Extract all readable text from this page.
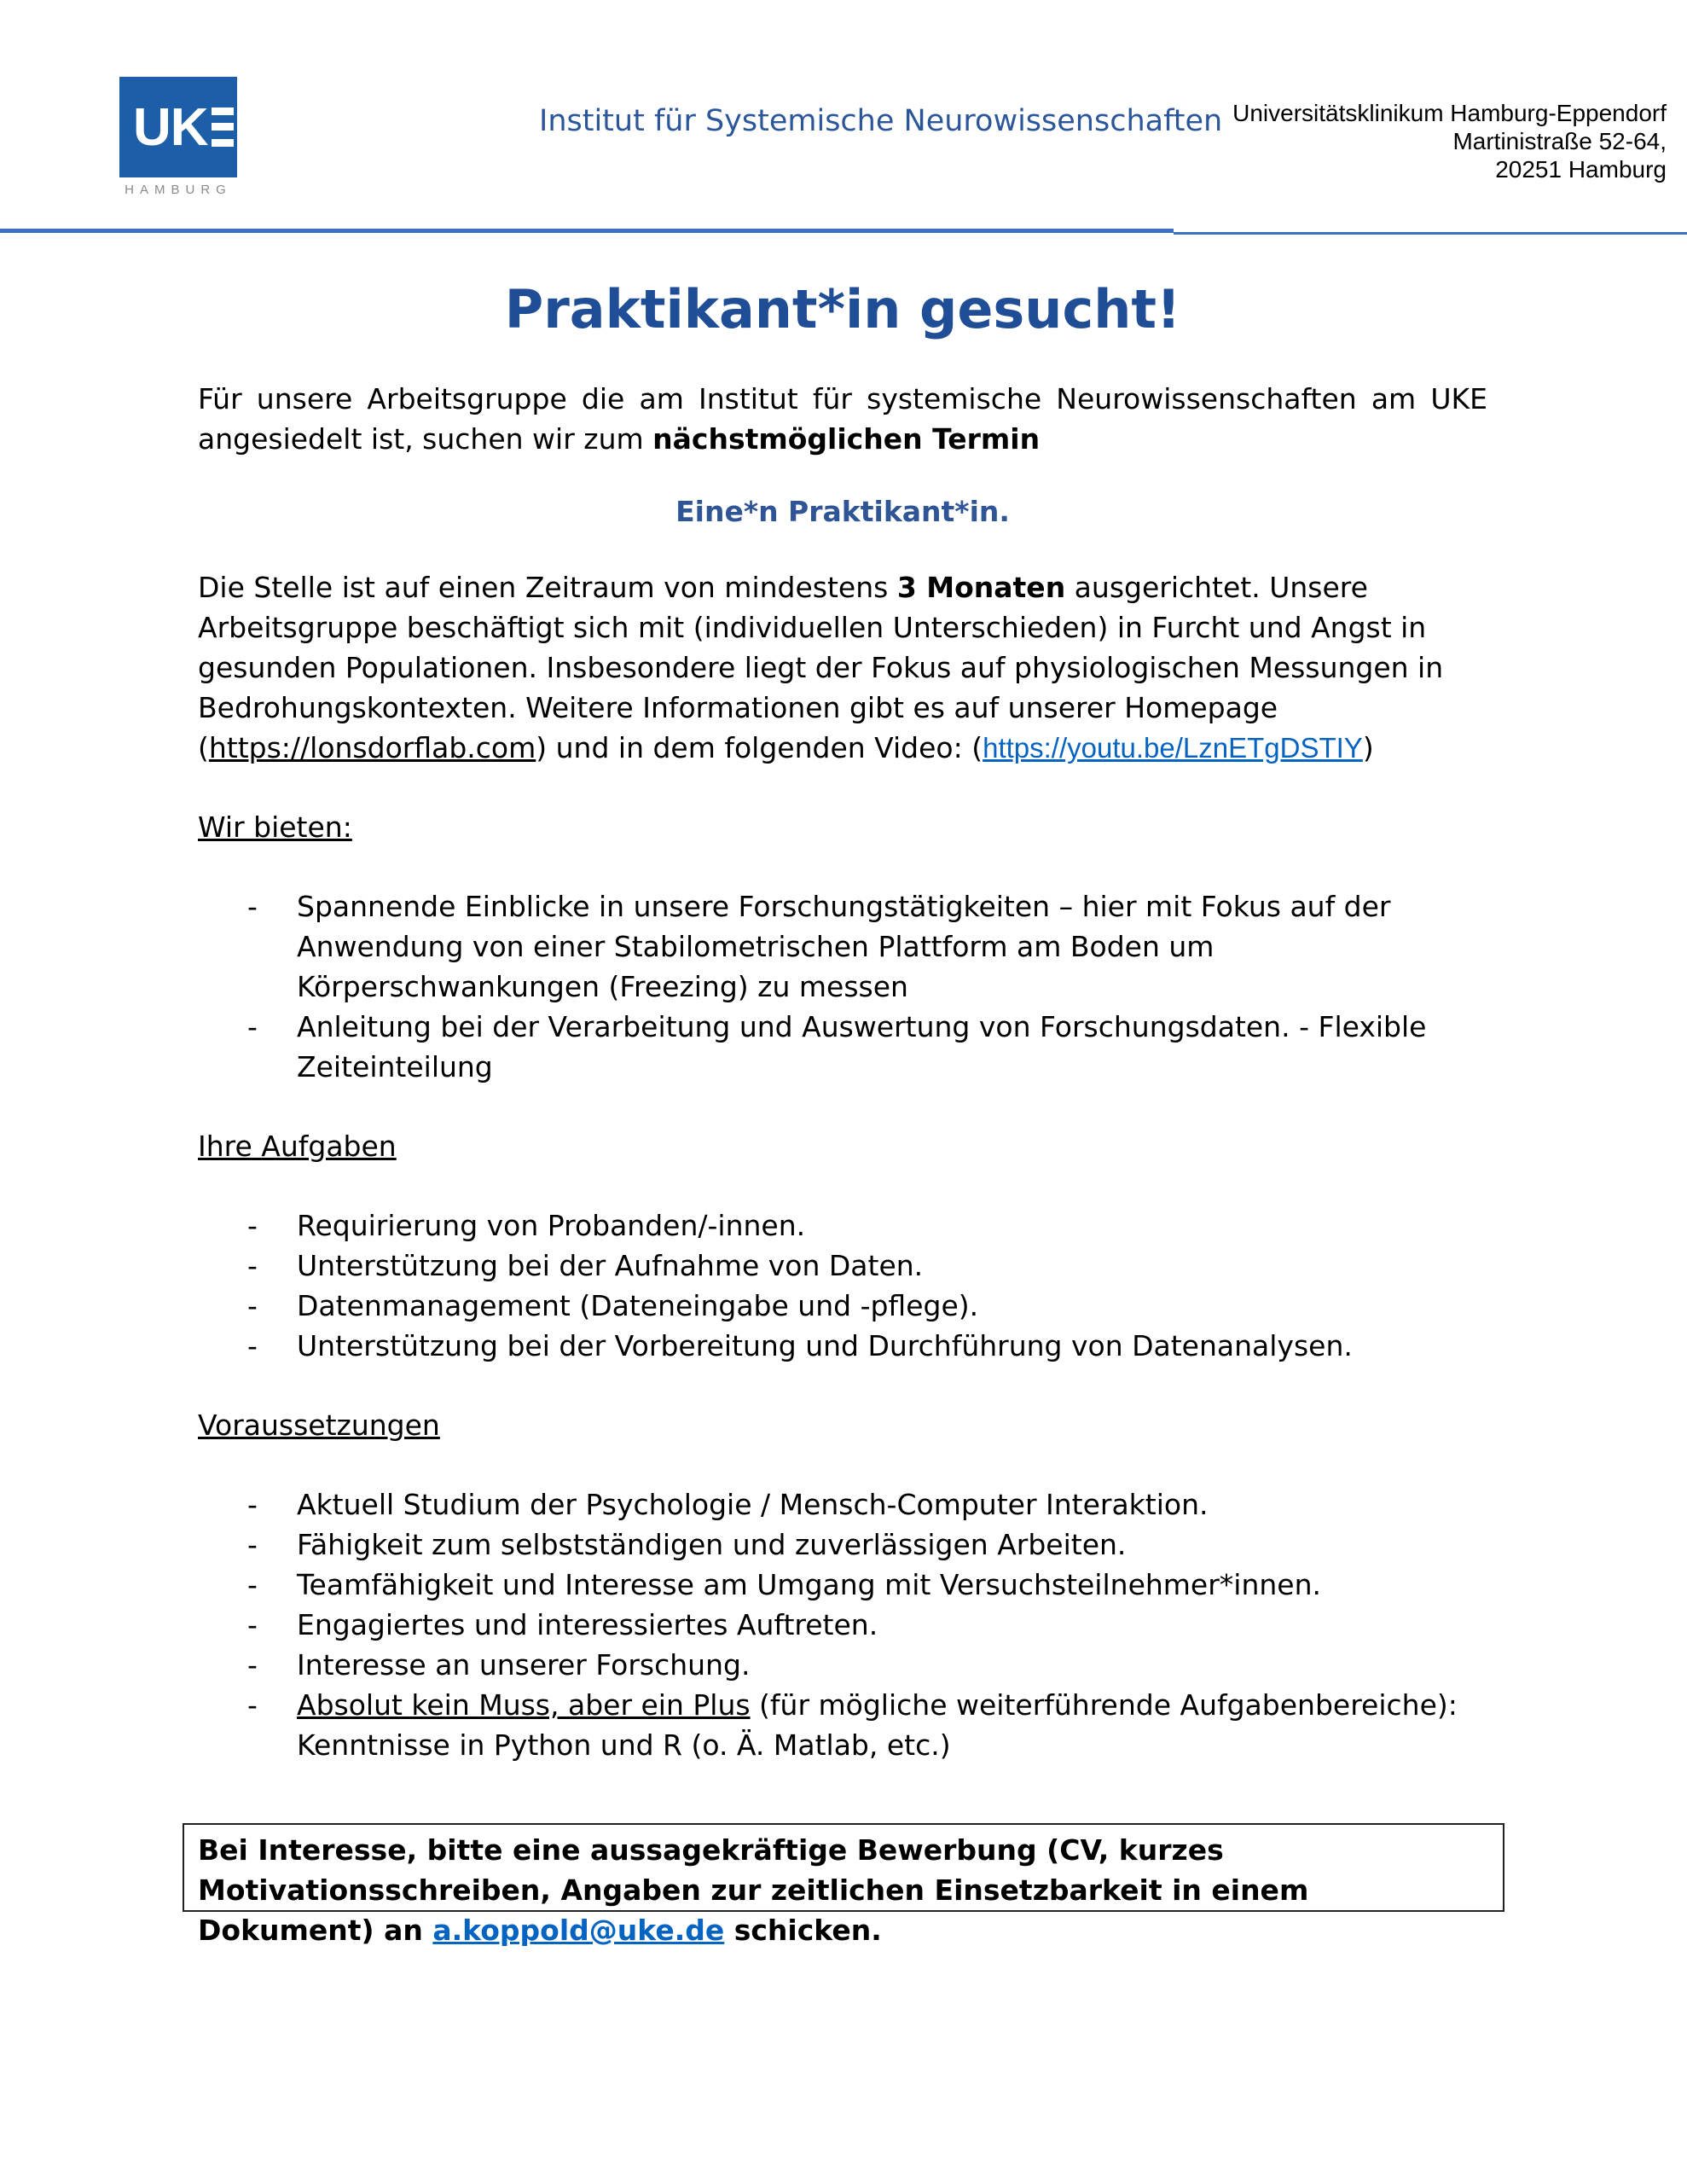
UK
HAMBURG
Institut für Systemische Neurowissenschaften Universitätsklinikum Hamburg-Eppendorf
Martinistraße 52-64,
20251 Hamburg
Praktikant*in gesucht!

Für unsere Arbeitsgruppe die am Institut für systemische Neurowissenschaften am UKE angesiedelt ist, suchen wir zum nächstmöglichen Termin

Eine*n Praktikant*in.

Die Stelle ist auf einen Zeitraum von mindestens 3 Monaten ausgerichtet. Unsere Arbeitsgruppe beschäftigt sich mit (individuellen Unterschieden) in Furcht und Angst in gesunden Populationen. Insbesondere liegt der Fokus auf physiologischen Messungen in Bedrohungskontexten. Weitere Informationen gibt es auf unserer Homepage (https://lonsdorflab.com) und in dem folgenden Video: (https://youtu.be/LznETgDSTIY)

Wir bieten:

- Spannende Einblicke in unsere Forschungstätigkeiten – hier mit Fokus auf der Anwendung von einer Stabilometrischen Plattform am Boden um Körperschwankungen (Freezing) zu messen
- Anleitung bei der Verarbeitung und Auswertung von Forschungsdaten. - Flexible Zeiteinteilung

Ihre Aufgaben

- Requirierung von Probanden/-innen.
- Unterstützung bei der Aufnahme von Daten.
- Datenmanagement (Dateneingabe und -pflege).
- Unterstützung bei der Vorbereitung und Durchführung von Datenanalysen.

Voraussetzungen

- Aktuell Studium der Psychologie / Mensch-Computer Interaktion.
- Fähigkeit zum selbstständigen und zuverlässigen Arbeiten.
- Teamfähigkeit und Interesse am Umgang mit Versuchsteilnehmer*innen.
- Engagiertes und interessiertes Auftreten.
- Interesse an unserer Forschung.
- Absolut kein Muss, aber ein Plus (für mögliche weiterführende Aufgabenbereiche): Kenntnisse in Python und R (o. Ä. Matlab, etc.)
Bei Interesse, bitte eine aussagekräftige Bewerbung (CV, kurzes Motivationsschreiben, Angaben zur zeitlichen Einsetzbarkeit in einem Dokument) an a.koppold@uke.de schicken.
